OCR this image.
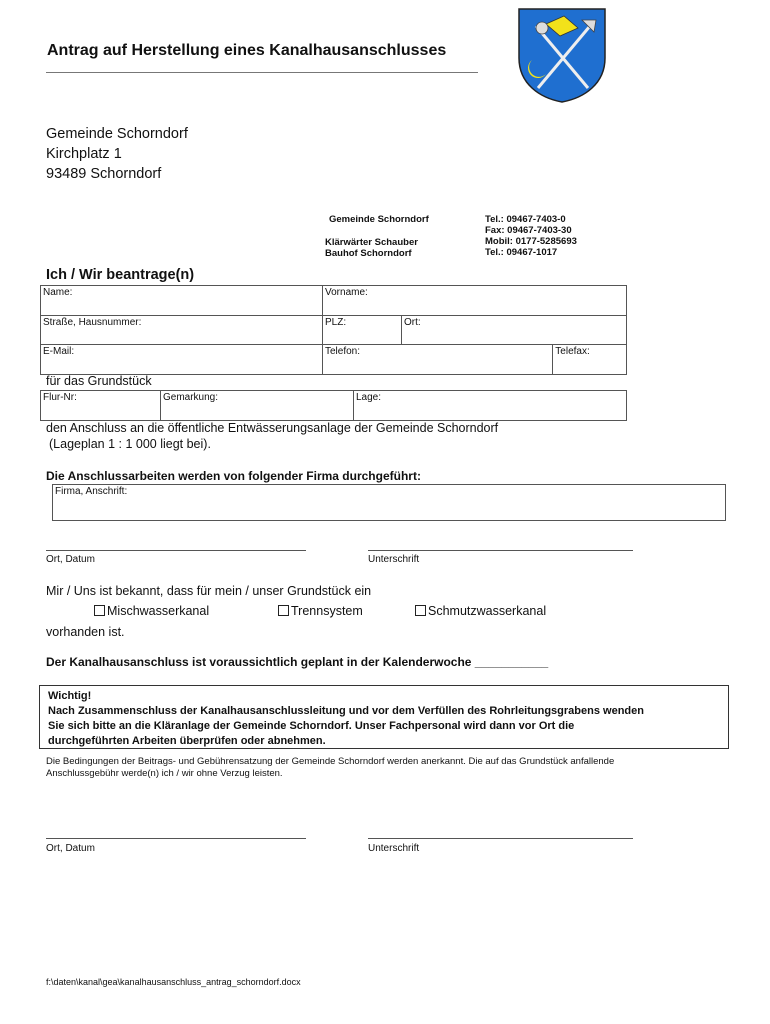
Antrag auf Herstellung eines Kanalhausanschlusses
Gemeinde Schorndorf
Kirchplatz 1
93489 Schorndorf
Gemeinde Schorndorf
Klärwärter Schauber
Bauhof Schorndorf
Tel.: 09467-7403-0
Fax: 09467-7403-30
Mobil: 0177-5285693
Tel.: 09467-1017
Ich / Wir beantrage(n)
Name:	Vorname:		
Straße, Hausnummer:	PLZ:	Ort:	
E-Mail:	Telefon:		Telefax:
für das Grundstück
Flur-Nr:	Gemarkung:	Lage:
den Anschluss an die öffentliche Entwässerungsanlage der Gemeinde Schorndorf
(Lageplan 1 : 1 000 liegt bei).
Die Anschlussarbeiten werden von folgender Firma durchgeführt:
Firma, Anschrift:
Ort, Datum	Unterschrift
Mir / Uns ist bekannt, dass für mein / unser Grundstück ein
Mischwasserkanal	Trennsystem	Schmutzwasserkanal
vorhanden ist.
Der Kanalhausanschluss ist voraussichtlich geplant in der Kalenderwoche ___________
Wichtig!
Nach Zusammenschluss der Kanalhausanschlussleitung und vor dem Verfüllen des Rohrleitungsgrabens wenden
Sie sich bitte an die Kläranlage der Gemeinde Schorndorf. Unser Fachpersonal wird dann vor Ort die
durchgeführten Arbeiten überprüfen oder abnehmen.
Die Bedingungen der Beitrags- und Gebührensatzung der Gemeinde Schorndorf werden anerkannt. Die auf das Grundstück anfallende
Anschlussgebühr werde(n) ich / wir ohne Verzug leisten.
Ort, Datum	Unterschrift
f:\daten\kanal\gea\kanalhausanschluss_antrag_schorndorf.docx
